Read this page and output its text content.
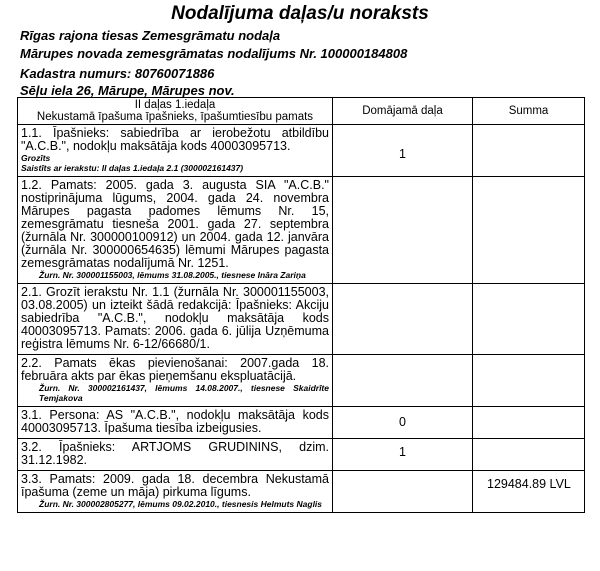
Nodalījuma daļas/u noraksts
Rīgas rajona tiesas Zemesgrāmatu nodaļa
Mārupes novada zemesgrāmatas nodalījums Nr. 100000184808
Kadastra numurs: 80760071886
Sēļu iela 26, Mārupe, Mārupes nov.
II daļas 1.iedaļa
Nekustamā īpašuma īpašnieks, īpašumtiesību pamats	Domājamā daļa	Summa

1.1. Īpašnieks: sabiedrība ar ierobežotu atbildību "A.C.B.", nodokļu maksātāja kods 40003095713.
Grozīts
Saistīts ar ierakstu: II daļas 1.iedaļa 2.1 (300002161437)	1	

1.2. Pamats: 2005. gada 3. augusta SIA "A.C.B." nostiprinājuma lūgums, 2004. gada 24. novembra Mārupes pagasta padomes lēmums Nr. 15, zemesgrāmatu tiesneša 2001. gada 27. septembra (žurnāla Nr. 300000100912) un 2004. gada 12. janvāra (žurnāla Nr. 300000654635) lēmumi Mārupes pagasta zemesgrāmatas nodalījumā Nr. 1251.
Žurn. Nr. 300001155003, lēmums 31.08.2005., tiesnese Ināra Zariņa		

2.1. Grozīt ierakstu Nr. 1.1 (žurnāla Nr. 300001155003, 03.08.2005) un izteikt šādā redakcijā: Īpašnieks: Akciju sabiedrība "A.C.B.", nodokļu maksātāja kods 40003095713. Pamats: 2006. gada 6. jūlija Uzņēmuma reģistra lēmums Nr. 6-12/66680/1.		

2.2. Pamats ēkas pievienošanai: 2007.gada 18. februāra akts par ēkas pieņemšanu ekspluatācijā.
Žurn. Nr. 300002161437, lēmums 14.08.2007., tiesnese Skaidrīte Temjakova		

3.1. Persona: AS "A.C.B.", nodokļu maksātāja kods 40003095713. Īpašuma tiesība izbeigusies.	0	

3.2. Īpašnieks: ARTJOMS GRUDININS, dzim. 31.12.1982.	1	

3.3. Pamats: 2009. gada 18. decembra Nekustamā īpašuma (zeme un māja) pirkuma līgums.
Žurn. Nr. 300002805277, lēmums 09.02.2010., tiesnesis Helmuts Naglis		129484.89 LVL
